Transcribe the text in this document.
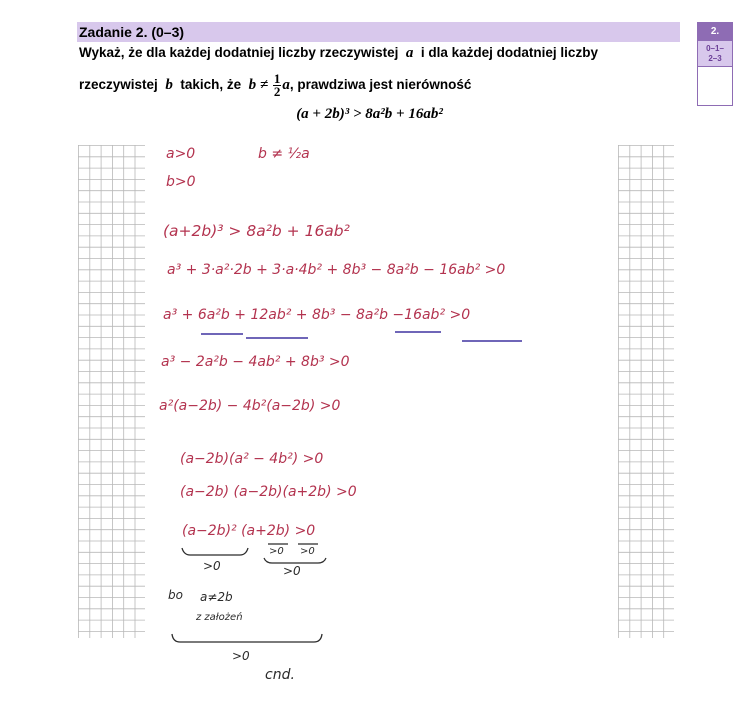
Zadanie 2. (0–3)	2.
0–1–
2–3
Wykaż, że dla każdej dodatniej liczby rzeczywistej a i dla każdej dodatniej liczby
rzeczywistej b takich, że $b \ne \frac{1}{2} a$, prawdziwa jest nierówność
(a + 2b)³ > 8a²b + 16ab²
a>0	b ≠ ½a
b>0
(a+2b)³ > 8a²b + 16ab²
a³ + 3·a²·2b + 3·a·4b² + 8b³ − 8a²b − 16ab² >0
a³ + 6a²b + 12ab² + 8b³ − 8a²b −16ab² >0
a³ − 2a²b − 4ab² + 8b³ >0
a²(a−2b) − 4b²(a−2b) >0
(a−2b)(a² − 4b²) >0
(a−2b) (a−2b)(a+2b) >0
(a−2b)² (a+2b) >0
>0
>0 >0
>0
bo a≠2b
z założeń
>0
cnd.
